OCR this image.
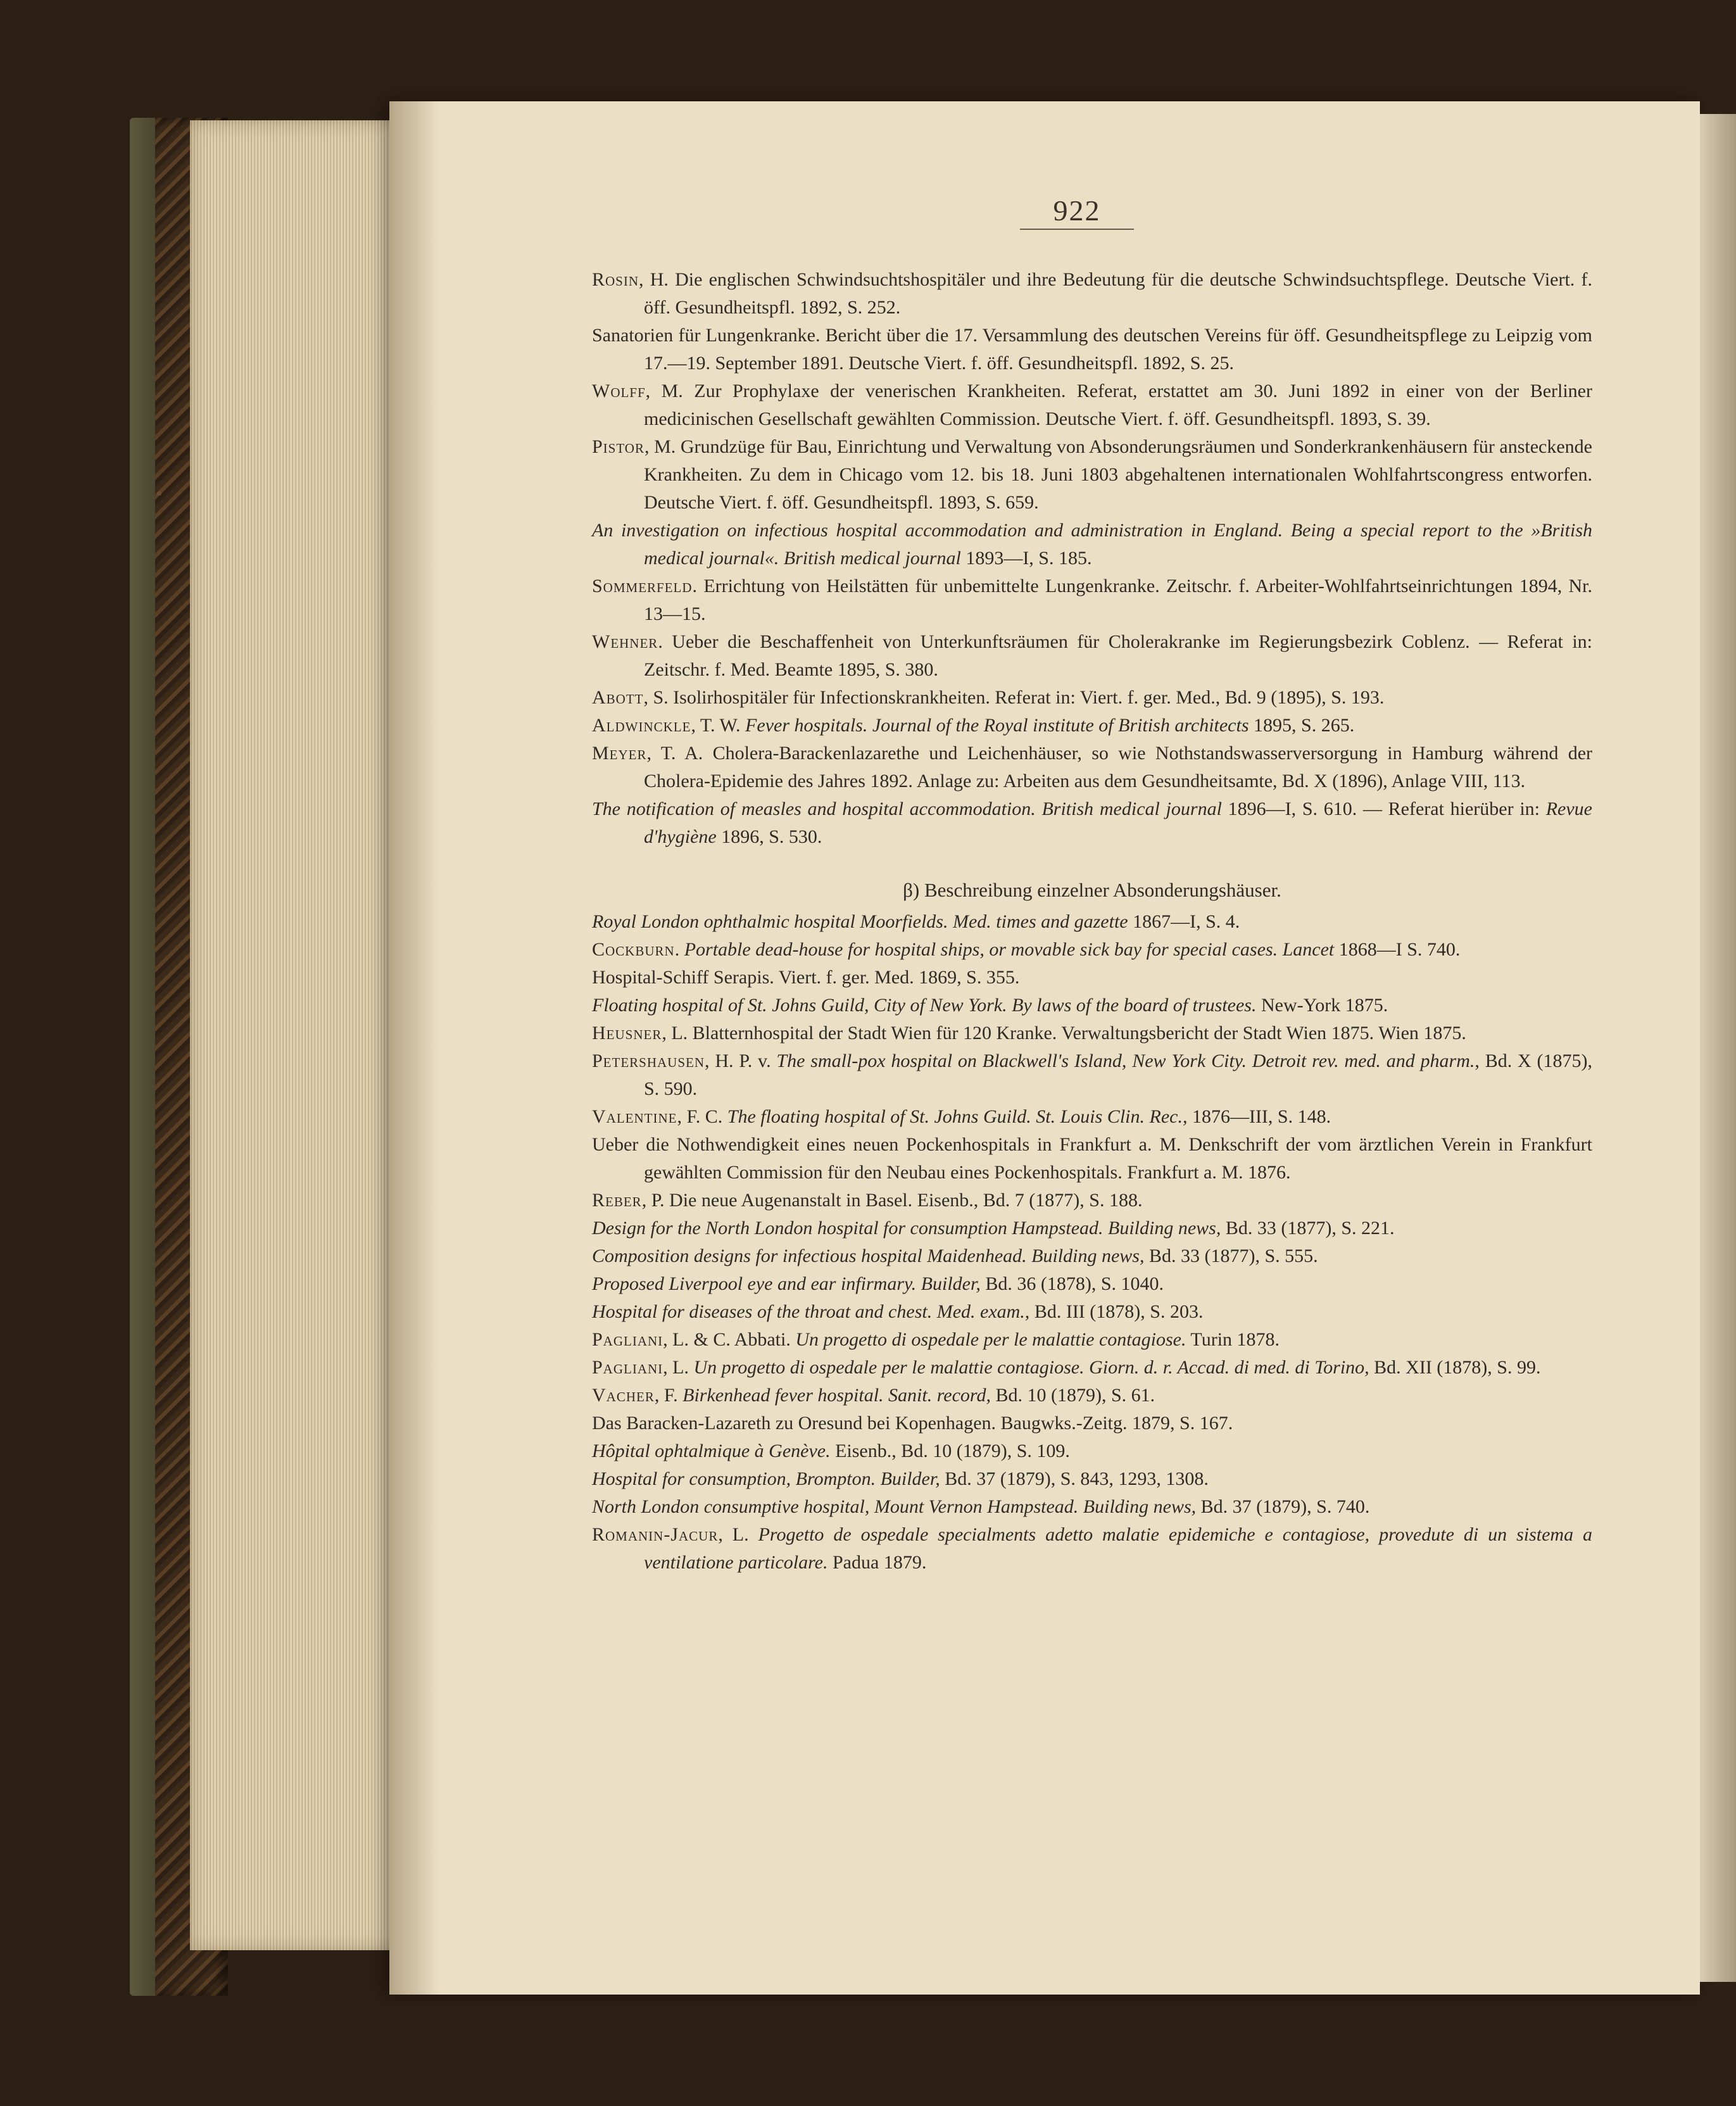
922
Rosin, H. Die englischen Schwindsuchtshospitäler und ihre Bedeutung für die deutsche Schwindsuchtspflege. Deutsche Viert. f. öff. Gesundheitspfl. 1892, S. 252.
Sanatorien für Lungenkranke. Bericht über die 17. Versammlung des deutschen Vereins für öff. Gesundheitspflege zu Leipzig vom 17.—19. September 1891. Deutsche Viert. f. öff. Gesundheitspfl. 1892, S. 25.
Wolff, M. Zur Prophylaxe der venerischen Krankheiten. Referat, erstattet am 30. Juni 1892 in einer von der Berliner medicinischen Gesellschaft gewählten Commission. Deutsche Viert. f. öff. Gesundheitspfl. 1893, S. 39.
Pistor, M. Grundzüge für Bau, Einrichtung und Verwaltung von Absonderungsräumen und Sonderkrankenhäusern für ansteckende Krankheiten. Zu dem in Chicago vom 12. bis 18. Juni 1803 abgehaltenen internationalen Wohlfahrtscongress entworfen. Deutsche Viert. f. öff. Gesundheitspfl. 1893, S. 659.
An investigation on infectious hospital accommodation and administration in England. Being a special report to the »British medical journal«. British medical journal 1893—I, S. 185.
Sommerfeld. Errichtung von Heilstätten für unbemittelte Lungenkranke. Zeitschr. f. Arbeiter-Wohlfahrtseinrichtungen 1894, Nr. 13—15.
Wehner. Ueber die Beschaffenheit von Unterkunftsräumen für Cholerakranke im Regierungsbezirk Coblenz. — Referat in: Zeitschr. f. Med. Beamte 1895, S. 380.
Abott, S. Isolirhospitäler für Infectionskrankheiten. Referat in: Viert. f. ger. Med., Bd. 9 (1895), S. 193.
Aldwinckle, T. W. Fever hospitals. Journal of the Royal institute of British architects 1895, S. 265.
Meyer, T. A. Cholera-Barackenlazarethe und Leichenhäuser, so wie Nothstandswasserversorgung in Hamburg während der Cholera-Epidemie des Jahres 1892. Anlage zu: Arbeiten aus dem Gesundheitsamte, Bd. X (1896), Anlage VIII, 113.
The notification of measles and hospital accommodation. British medical journal 1896—I, S. 610. — Referat hierüber in: Revue d'hygiène 1896, S. 530.
β) Beschreibung einzelner Absonderungshäuser.
Royal London ophthalmic hospital Moorfields. Med. times and gazette 1867—I, S. 4.
Cockburn. Portable dead-house for hospital ships, or movable sick bay for special cases. Lancet 1868—I S. 740.
Hospital-Schiff Serapis. Viert. f. ger. Med. 1869, S. 355.
Floating hospital of St. Johns Guild, City of New York. By laws of the board of trustees. New-York 1875.
Heusner, L. Blatternhospital der Stadt Wien für 120 Kranke. Verwaltungsbericht der Stadt Wien 1875. Wien 1875.
Petershausen, H. P. v. The small-pox hospital on Blackwell's Island, New York City. Detroit rev. med. and pharm., Bd. X (1875), S. 590.
Valentine, F. C. The floating hospital of St. Johns Guild. St. Louis Clin. Rec., 1876—III, S. 148.
Ueber die Nothwendigkeit eines neuen Pockenhospitals in Frankfurt a. M. Denkschrift der vom ärztlichen Verein in Frankfurt gewählten Commission für den Neubau eines Pockenhospitals. Frankfurt a. M. 1876.
Reber, P. Die neue Augenanstalt in Basel. Eisenb., Bd. 7 (1877), S. 188.
Design for the North London hospital for consumption Hampstead. Building news, Bd. 33 (1877), S. 221.
Composition designs for infectious hospital Maidenhead. Building news, Bd. 33 (1877), S. 555.
Proposed Liverpool eye and ear infirmary. Builder, Bd. 36 (1878), S. 1040.
Hospital for diseases of the throat and chest. Med. exam., Bd. III (1878), S. 203.
Pagliani, L. & C. Abbati. Un progetto di ospedale per le malattie contagiose. Turin 1878.
Pagliani, L. Un progetto di ospedale per le malattie contagiose. Giorn. d. r. Accad. di med. di Torino, Bd. XII (1878), S. 99.
Vacher, F. Birkenhead fever hospital. Sanit. record, Bd. 10 (1879), S. 61.
Das Baracken-Lazareth zu Oresund bei Kopenhagen. Baugwks.-Zeitg. 1879, S. 167.
Hôpital ophtalmique à Genève. Eisenb., Bd. 10 (1879), S. 109.
Hospital for consumption, Brompton. Builder, Bd. 37 (1879), S. 843, 1293, 1308.
North London consumptive hospital, Mount Vernon Hampstead. Building news, Bd. 37 (1879), S. 740.
Romanin-Jacur, L. Progetto de ospedale specialments adetto malatie epidemiche e contagiose, provedute di un sistema a ventilatione particolare. Padua 1879.
